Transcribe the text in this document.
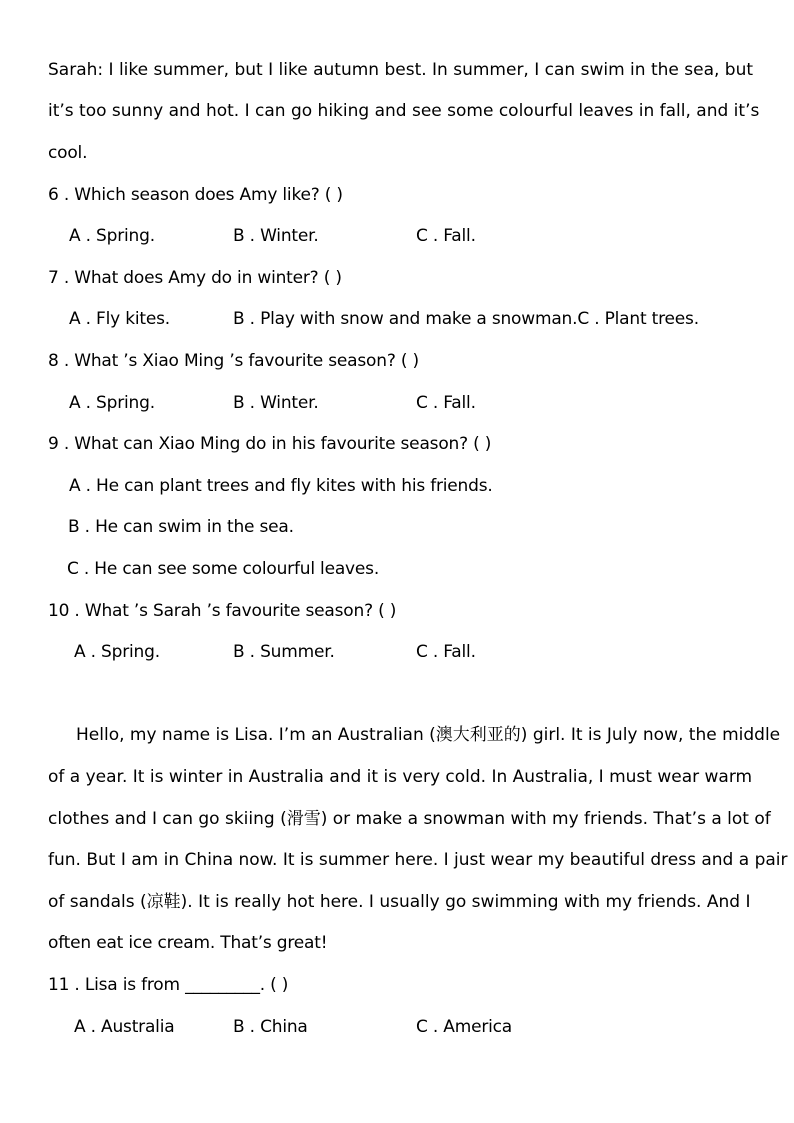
Sarah: I like summer, but I like autumn best. In summer, I can swim in the sea, but
it’s too sunny and hot. I can go hiking and see some colourful leaves in fall, and it’s
cool.
6 . Which season does Amy like? ( )
A . Spring.	B . Winter.	C . Fall.
7 . What does Amy do in winter? ( )
A . Fly kites.	B . Play with snow and make a snowman.C . Plant trees.
8 . What ’s Xiao Ming ’s favourite season? ( )
A . Spring.	B . Winter.	C . Fall.
9 . What can Xiao Ming do in his favourite season? ( )
A . He can plant trees and fly kites with his friends.
B . He can swim in the sea.
C . He can see some colourful leaves.
10 . What ’s Sarah ’s favourite season? ( )
A . Spring.	B . Summer.	C . Fall.
Hello, my name is Lisa. I’m an Australian (澳大利亚的) girl. It is July now, the middle
of a year. It is winter in Australia and it is very cold. In Australia, I must wear warm
clothes and I can go skiing (滑雪) or make a snowman with my friends. That’s a lot of
fun. But I am in China now. It is summer here. I just wear my beautiful dress and a pair
of sandals (凉鞋). It is really hot here. I usually go swimming with my friends. And I
often eat ice cream. That’s great!
11 . Lisa is from _________. ( )
A . Australia	B . China	C . America
